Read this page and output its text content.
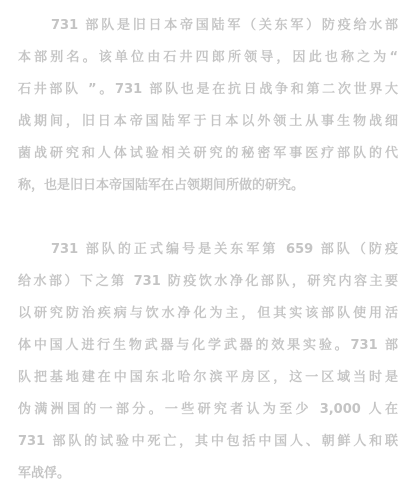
731 部队是旧日本帝国陆军（关东军）防疫给水部
本部别名。该单位由石井四郎所领导，因此也称之为“
石井部队 ”。731 部队也是在抗日战争和第二次世界大
战期间，旧日本帝国陆军于日本以外领土从事生物战细
菌战研究和人体试验相关研究的秘密军事医疗部队的代
称，也是旧日本帝国陆军在占领期间所做的研究。
731 部队的正式编号是关东军第 659 部队（防疫
给水部）下之第 731 防疫饮水净化部队，研究内容主要
以研究防治疾病与饮水净化为主，但其实该部队使用活
体中国人进行生物武器与化学武器的效果实验。731 部
队把基地建在中国东北哈尔滨平房区，这一区域当时是
伪满洲国的一部分。一些研究者认为至少 3,000 人在
731 部队的试验中死亡，其中包括中国人、朝鲜人和联
军战俘。
